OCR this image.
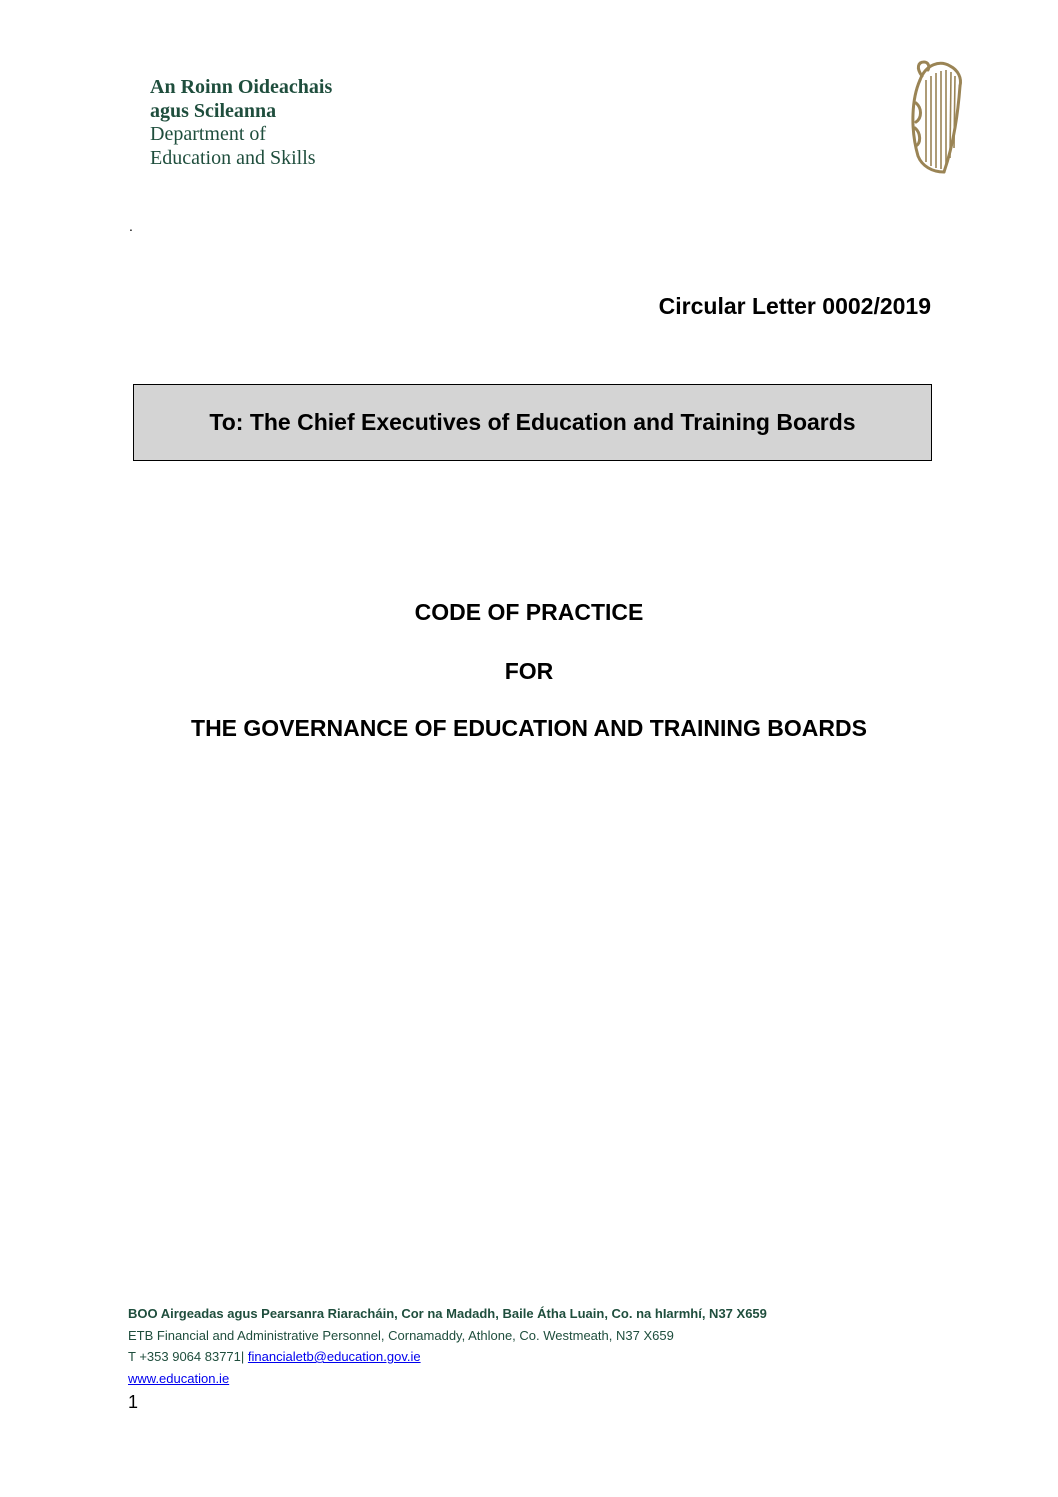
An Roinn Oideachais
agus Scileanna
Department of
Education and Skills
.
Circular Letter 0002/2019
To: The Chief Executives of Education and Training Boards
CODE OF PRACTICE
FOR
THE GOVERNANCE OF EDUCATION AND TRAINING BOARDS
BOO Airgeadas agus Pearsanra Riaracháin, Cor na Madadh, Baile Átha Luain, Co. na hIarmhí, N37 X659
ETB Financial and Administrative Personnel, Cornamaddy, Athlone, Co. Westmeath, N37 X659
T +353 9064 83771| financialetb@education.gov.ie
www.education.ie
1
